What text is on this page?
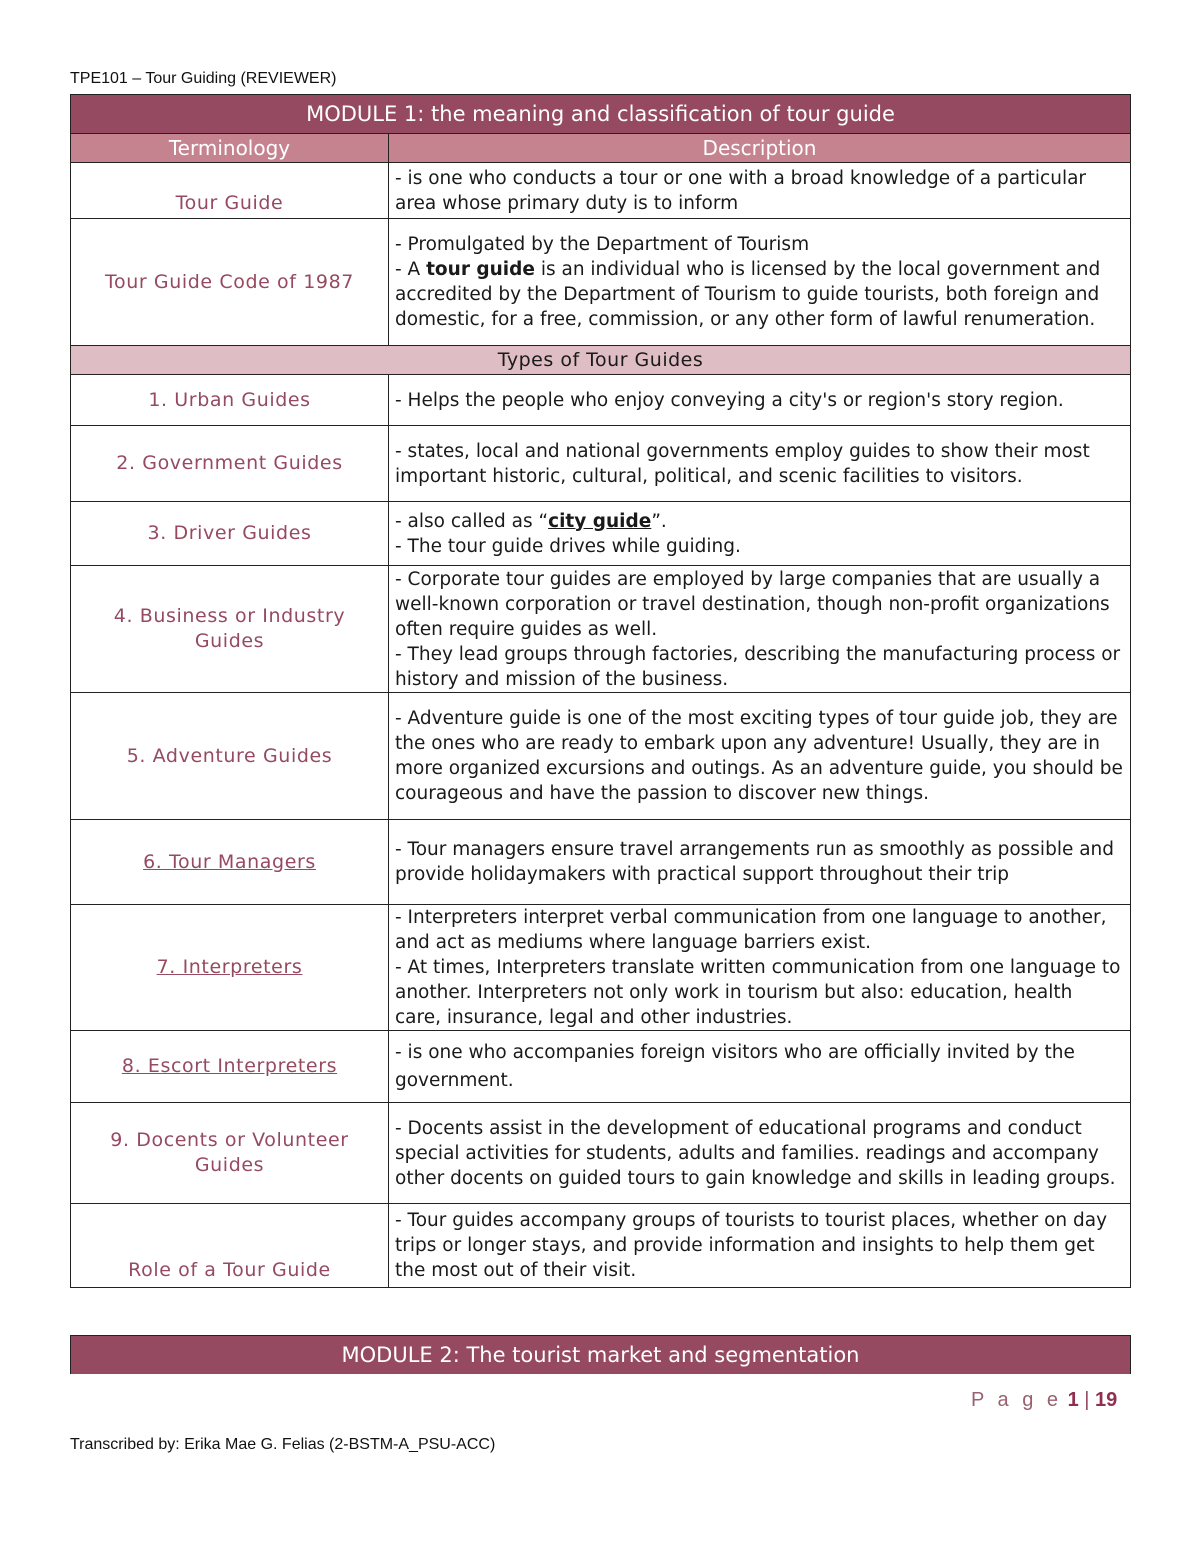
TPE101 – Tour Guiding (REVIEWER)
MODULE 1: the meaning and classification of tour guide	
Terminology	Description
Tour Guide	- is one who conducts a tour or one with a broad knowledge of a particular area whose primary duty is to inform

Tour Guide Code of 1987	- Promulgated by the Department of Tourism

- A tour guide is an individual who is licensed by the local government and accredited by the Department of Tourism to guide tourists, both foreign and domestic, for a free, commission, or any other form of lawful renumeration.

Types of Tour Guides	
1. Urban Guides	- Helps the people who enjoy conveying a city's or region's story region.

2. Government Guides	- states, local and national governments employ guides to show their most important historic, cultural, political, and scenic facilities to visitors.

3. Driver Guides	- also called as “city guide”.

- The tour guide drives while guiding.

4. Business or Industry Guides	- Corporate tour guides are employed by large companies that are usually a well-known corporation or travel destination, though non-profit organizations often require guides as well.

- They lead groups through factories, describing the manufacturing process or history and mission of the business.

5. Adventure Guides	- Adventure guide is one of the most exciting types of tour guide job, they are the ones who are ready to embark upon any adventure! Usually, they are in more organized excursions and outings. As an adventure guide, you should be courageous and have the passion to discover new things.

6. Tour Managers	- Tour managers ensure travel arrangements run as smoothly as possible and provide holidaymakers with practical support throughout their trip

7. Interpreters	- Interpreters interpret verbal communication from one language to another, and act as mediums where language barriers exist.

- At times, Interpreters translate written communication from one language to another. Interpreters not only work in tourism but also: education, health care, insurance, legal and other industries.

8. Escort Interpreters	- is one who accompanies foreign visitors who are officially invited by the government.

9. Docents or Volunteer Guides	- Docents assist in the development of educational programs and conduct special activities for students, adults and families. readings and accompany other docents on guided tours to gain knowledge and skills in leading groups.

Role of a Tour Guide	- Tour guides accompany groups of tourists to tourist places, whether on day trips or longer stays, and provide information and insights to help them get the most out of their visit.

MODULE 2: The tourist market and segmentation
P a g e 1 | 19
Transcribed by: Erika Mae G. Felias (2-BSTM-A_PSU-ACC)
